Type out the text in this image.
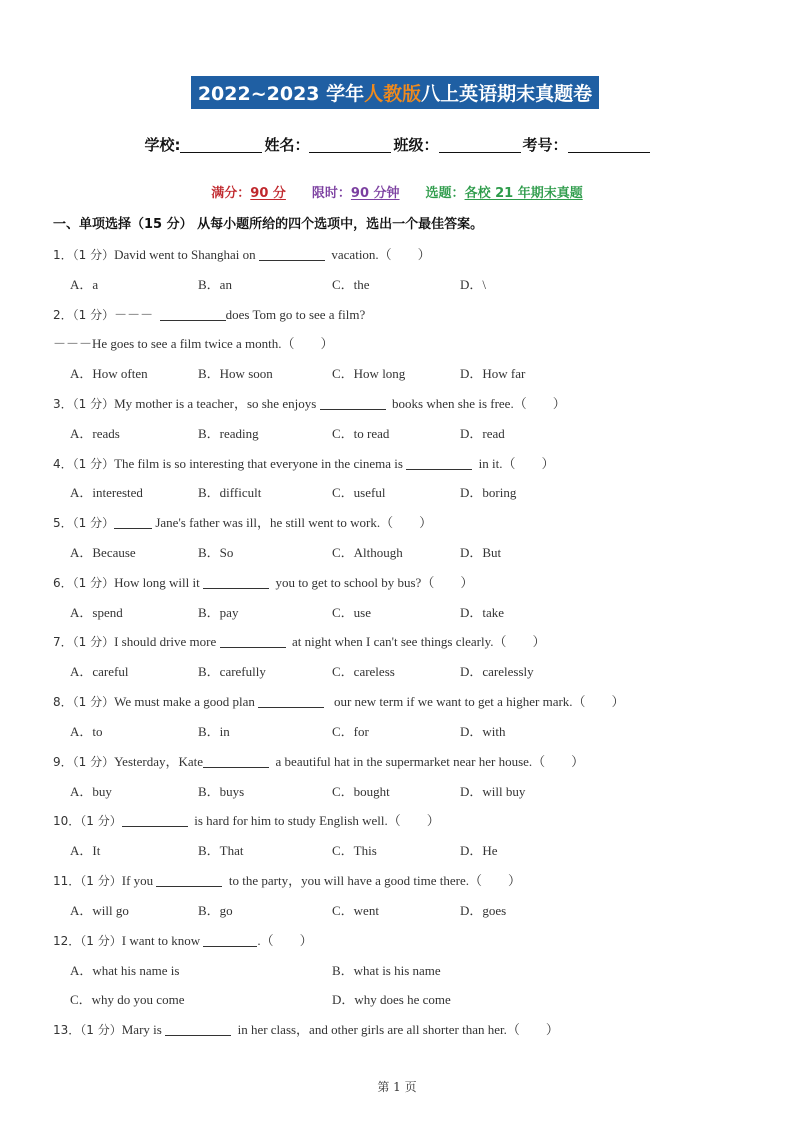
2022~2023 学年 人教版 八上英语期末真题卷
学校:	姓名：	班级：	考号：
满分：90 分 限时：90 分钟 选题：各校 21 年期末真题
一、单项选择（15 分） 从每小题所给的四个选项中，选出一个最佳答案。
1．（1 分）David went to Shanghai on	vacation.（　　）
A．a	B．an	C．the	D．\
2．（1 分）－－－	does Tom go to see a film?
－－－He goes to see a film twice a month.（　　）
A．How often	B．How soon	C．How long	D．How far
3．（1 分）My mother is a teacher，so she enjoys	books when she is free.（　　）
A．reads	B．reading	C．to read	D．read
4．（1 分）The film is so interesting that everyone in the cinema is	in it.（　　）
A．interested	B．difficult	C．useful	D．boring
5．（1 分）	Jane's father was ill，he still went to work.（　　）
A．Because	B．So	C．Although	D．But
6．（1 分）How long will it	you to get to school by bus?（　　）
A．spend	B．pay	C．use	D．take
7．（1 分）I should drive more	at night when I can't see things clearly.（　　）
A．careful	B．carefully	C．careless	D．carelessly
8．（1 分）We must make a good plan	our new term if we want to get a higher mark.（　　）
A．to	B．in	C．for	D．with
9．（1 分）Yesterday，Kate	a beautiful hat in the supermarket near her house.（　　）
A．buy	B．buys	C．bought	D．will buy
10．（1 分）	is hard for him to study English well.（　　）
A．It	B．That	C．This	D．He
11．（1 分）If you	to the party，you will have a good time there.（　　）
A．will go	B．go	C．went	D．goes
12．（1 分）I want to know	.（　　）
A．what his name is	B．what is his name
C．why do you come	D．why does he come
13．（1 分）Mary is	in her class，and other girls are all shorter than her.（　　）
第 1 页
